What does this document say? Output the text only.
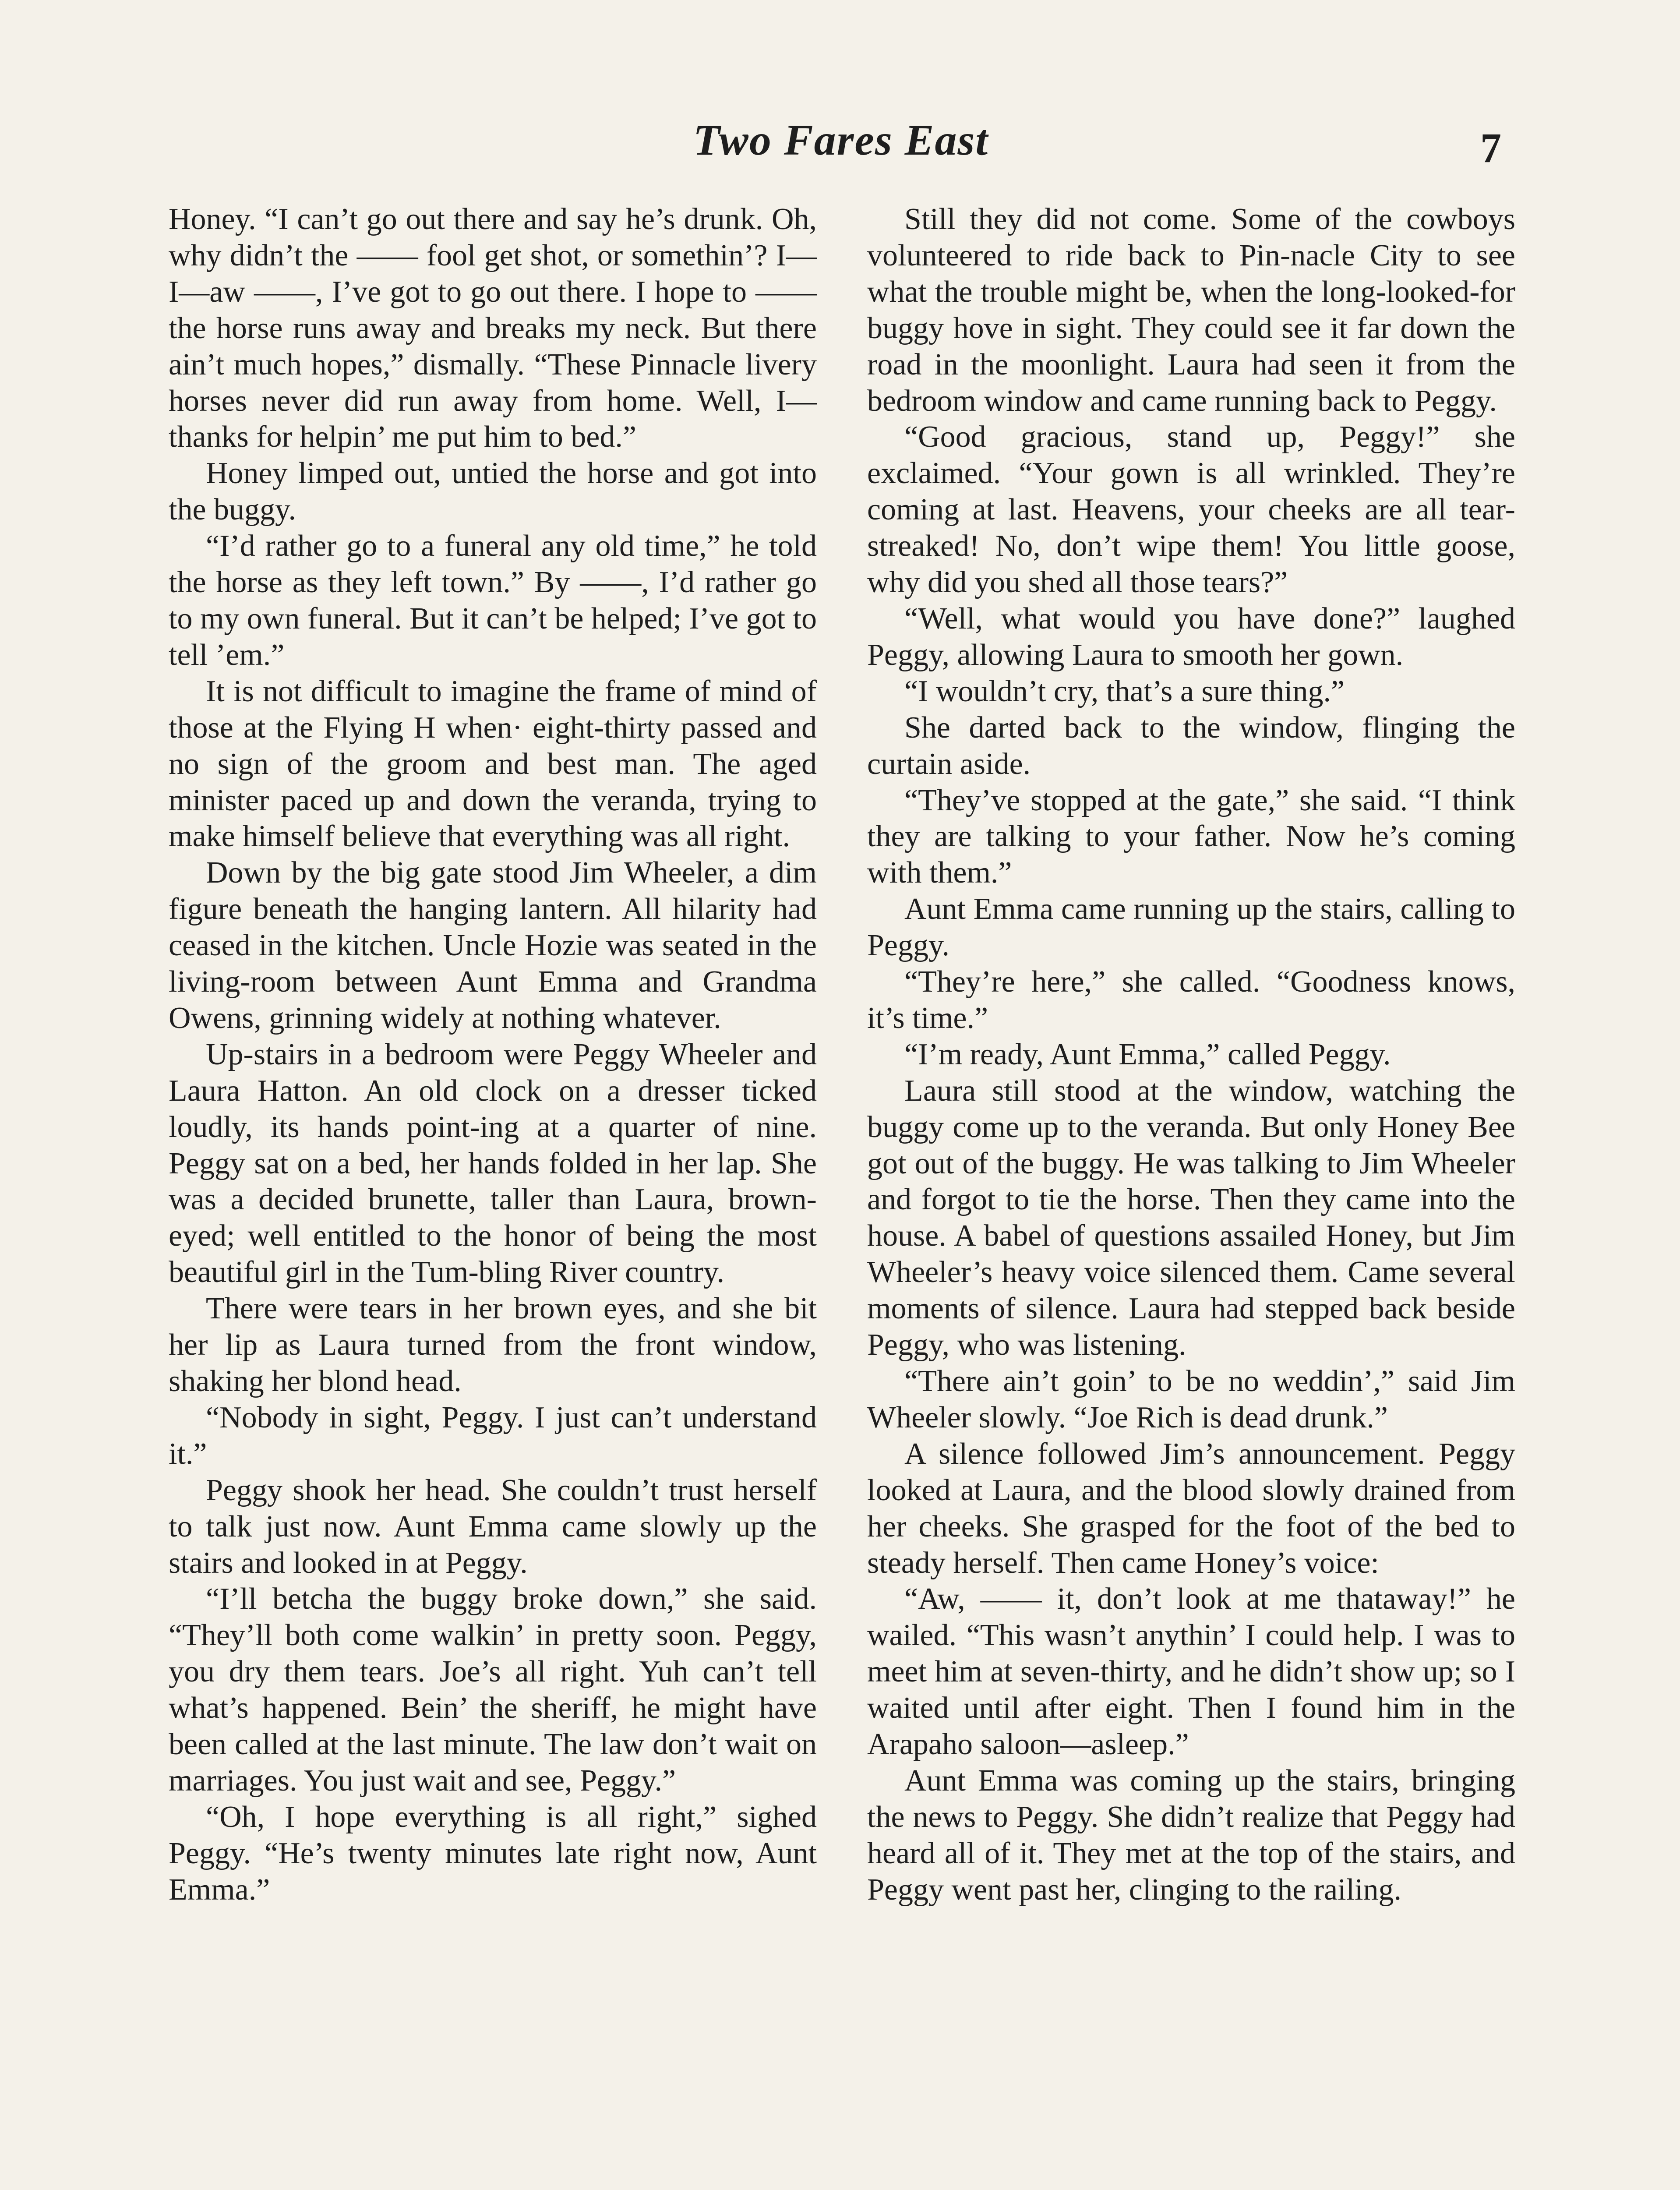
Two Fares East	7

Honey. “I can’t go out there and say he’s drunk. Oh, why didn’t the —— fool get shot, or somethin’? I—I—aw ——, I’ve got to go out there. I hope to —— the horse runs away and breaks my neck. But there ain’t much hopes,” dismally. “These Pinnacle livery horses never did run away from home. Well, I—thanks for helpin’ me put him to bed.”

Honey limped out, untied the horse and got into the buggy.

“I’d rather go to a funeral any old time,” he told the horse as they left town.” By ——, I’d rather go to my own funeral. But it can’t be helped; I’ve got to tell ’em.”

It is not difficult to imagine the frame of mind of those at the Flying H when· eight-thirty passed and no sign of the groom and best man. The aged minister paced up and down the veranda, trying to make himself believe that everything was all right.

Down by the big gate stood Jim Wheeler, a dim figure beneath the hanging lantern. All hilarity had ceased in the kitchen. Uncle Hozie was seated in the living-room between Aunt Emma and Grandma Owens, grinning widely at nothing whatever.

Up-stairs in a bedroom were Peggy Wheeler and Laura Hatton. An old clock on a dresser ticked loudly, its hands point-ing at a quarter of nine. Peggy sat on a bed, her hands folded in her lap. She was a decided brunette, taller than Laura, brown-eyed; well entitled to the honor of being the most beautiful girl in the Tum-bling River country.

There were tears in her brown eyes, and she bit her lip as Laura turned from the front window, shaking her blond head.

“Nobody in sight, Peggy. I just can’t understand it.”

Peggy shook her head. She couldn’t trust herself to talk just now. Aunt Emma came slowly up the stairs and looked in at Peggy.

“I’ll betcha the buggy broke down,” she said. “They’ll both come walkin’ in pretty soon. Peggy, you dry them tears. Joe’s all right. Yuh can’t tell what’s happened. Bein’ the sheriff, he might have been called at the last minute. The law don’t wait on marriages. You just wait and see, Peggy.”

“Oh, I hope everything is all right,” sighed Peggy. “He’s twenty minutes late right now, Aunt Emma.”

Still they did not come. Some of the cowboys volunteered to ride back to Pin-nacle City to see what the trouble might be, when the long-looked-for buggy hove in sight. They could see it far down the road in the moonlight. Laura had seen it from the bedroom window and came running back to Peggy.

“Good gracious, stand up, Peggy!” she exclaimed. “Your gown is all wrinkled. They’re coming at last. Heavens, your cheeks are all tear-streaked! No, don’t wipe them! You little goose, why did you shed all those tears?”

“Well, what would you have done?” laughed Peggy, allowing Laura to smooth her gown.

“I wouldn’t cry, that’s a sure thing.”

She darted back to the window, flinging the curtain aside.

“They’ve stopped at the gate,” she said. “I think they are talking to your father. Now he’s coming with them.”

Aunt Emma came running up the stairs, calling to Peggy.

“They’re here,” she called. “Goodness knows, it’s time.”

“I’m ready, Aunt Emma,” called Peggy.

Laura still stood at the window, watching the buggy come up to the veranda. But only Honey Bee got out of the buggy. He was talking to Jim Wheeler and forgot to tie the horse. Then they came into the house. A babel of questions assailed Honey, but Jim Wheeler’s heavy voice silenced them. Came several moments of silence. Laura had stepped back beside Peggy, who was listening.

“There ain’t goin’ to be no weddin’,” said Jim Wheeler slowly. “Joe Rich is dead drunk.”

A silence followed Jim’s announcement. Peggy looked at Laura, and the blood slowly drained from her cheeks. She grasped for the foot of the bed to steady herself. Then came Honey’s voice:

“Aw, —— it, don’t look at me thataway!” he wailed. “This wasn’t anythin’ I could help. I was to meet him at seven-thirty, and he didn’t show up; so I waited until after eight. Then I found him in the Arapaho saloon—asleep.”

Aunt Emma was coming up the stairs, bringing the news to Peggy. She didn’t realize that Peggy had heard all of it. They met at the top of the stairs, and Peggy went past her, clinging to the railing.
